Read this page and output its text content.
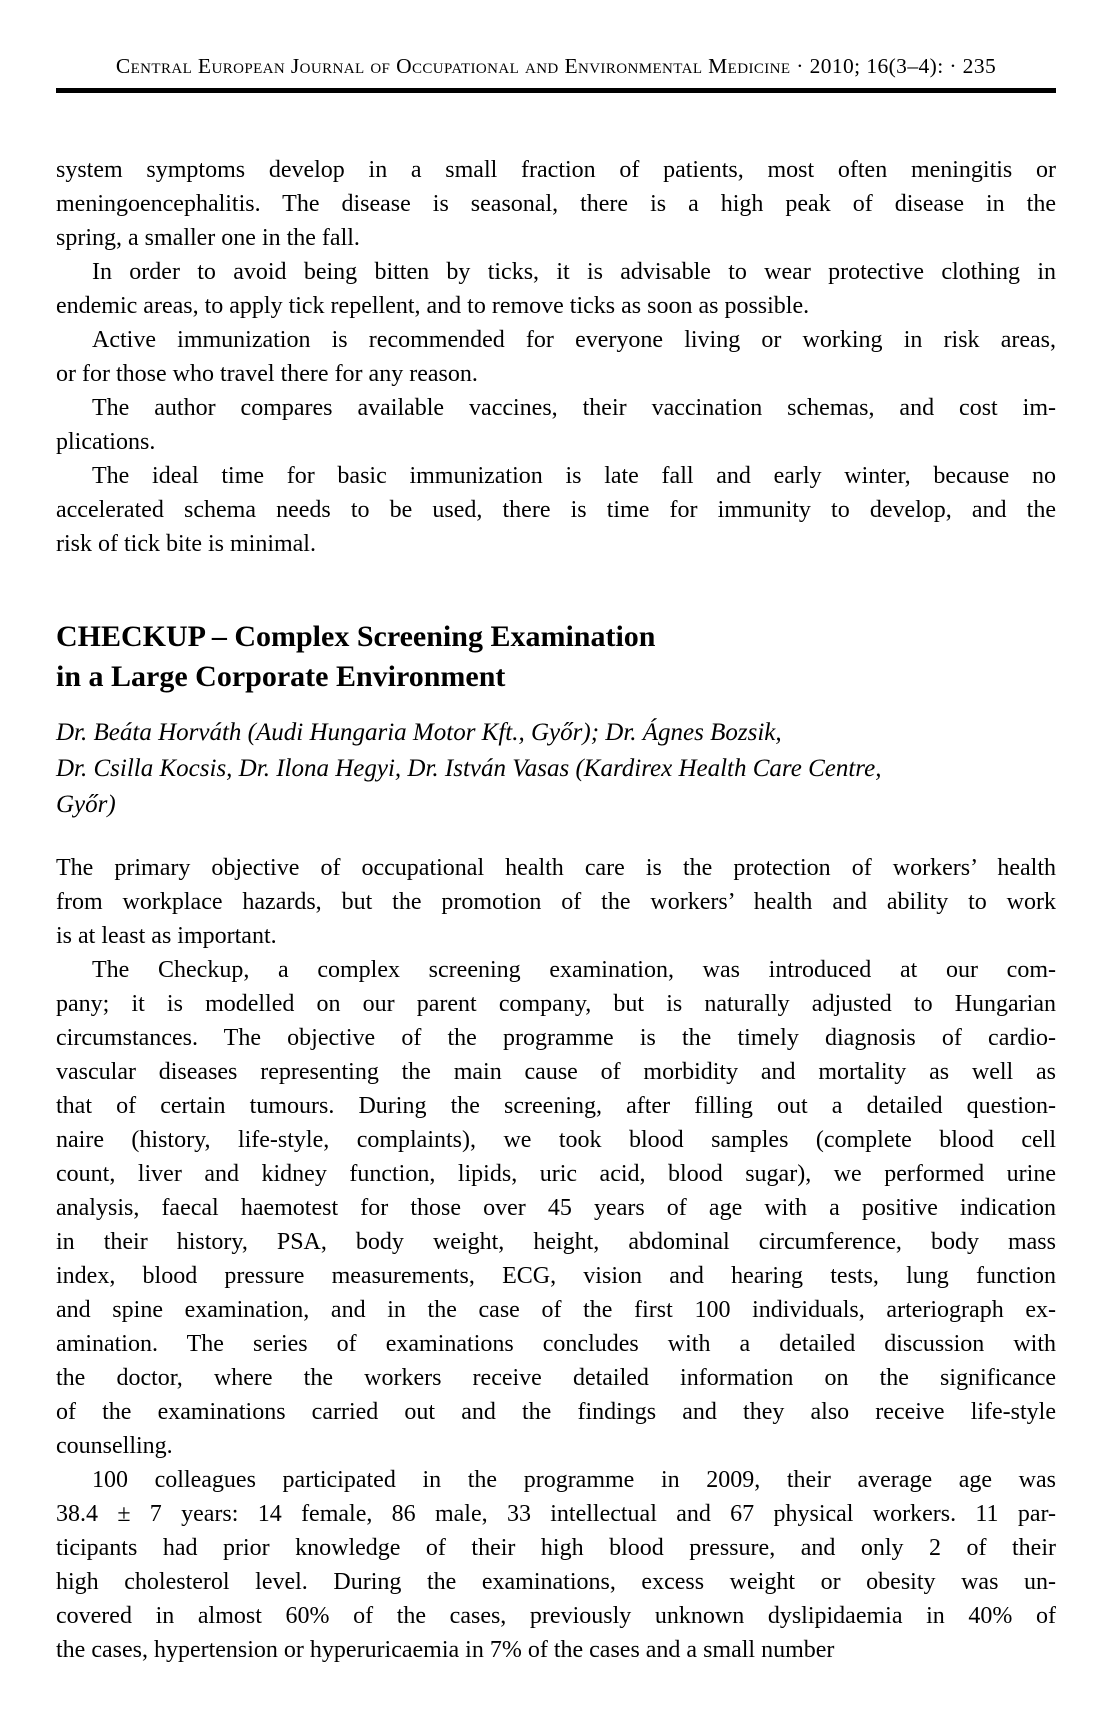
Central European Journal of Occupational and Environmental Medicine · 2010; 16(3–4): · 235
system symptoms develop in a small fraction of patients, most often meningitis or
meningoencephalitis. The disease is seasonal, there is a high peak of disease in the
spring, a smaller one in the fall.
In order to avoid being bitten by ticks, it is advisable to wear protective clothing in
endemic areas, to apply tick repellent, and to remove ticks as soon as possible.
Active immunization is recommended for everyone living or working in risk areas,
or for those who travel there for any reason.
The author compares available vaccines, their vaccination schemas, and cost im-
plications.
The ideal time for basic immunization is late fall and early winter, because no
accelerated schema needs to be used, there is time for immunity to develop, and the
risk of tick bite is minimal.
CHECKUP – Complex Screening Examination
in a Large Corporate Environment
Dr. Beáta Horváth (Audi Hungaria Motor Kft., Győr); Dr. Ágnes Bozsik,
Dr. Csilla Kocsis, Dr. Ilona Hegyi, Dr. István Vasas (Kardirex Health Care Centre,
Győr)
The primary objective of occupational health care is the protection of workers’ health
from workplace hazards, but the promotion of the workers’ health and ability to work
is at least as important.
The Checkup, a complex screening examination, was introduced at our com-
pany; it is modelled on our parent company, but is naturally adjusted to Hungarian
circumstances. The objective of the programme is the timely diagnosis of cardio-
vascular diseases representing the main cause of morbidity and mortality as well as
that of certain tumours. During the screening, after filling out a detailed question-
naire (history, life-style, complaints), we took blood samples (complete blood cell
count, liver and kidney function, lipids, uric acid, blood sugar), we performed urine
analysis, faecal haemotest for those over 45 years of age with a positive indication
in their history, PSA, body weight, height, abdominal circumference, body mass
index, blood pressure measurements, ECG, vision and hearing tests, lung function
and spine examination, and in the case of the first 100 individuals, arteriograph ex-
amination. The series of examinations concludes with a detailed discussion with
the doctor, where the workers receive detailed information on the significance
of the examinations carried out and the findings and they also receive life-style
counselling.
100 colleagues participated in the programme in 2009, their average age was
38.4 ± 7 years: 14 female, 86 male, 33 intellectual and 67 physical workers. 11 par-
ticipants had prior knowledge of their high blood pressure, and only 2 of their
high cholesterol level. During the examinations, excess weight or obesity was un-
covered in almost 60% of the cases, previously unknown dyslipidaemia in 40% of
the cases, hypertension or hyperuricaemia in 7% of the cases and a small number
